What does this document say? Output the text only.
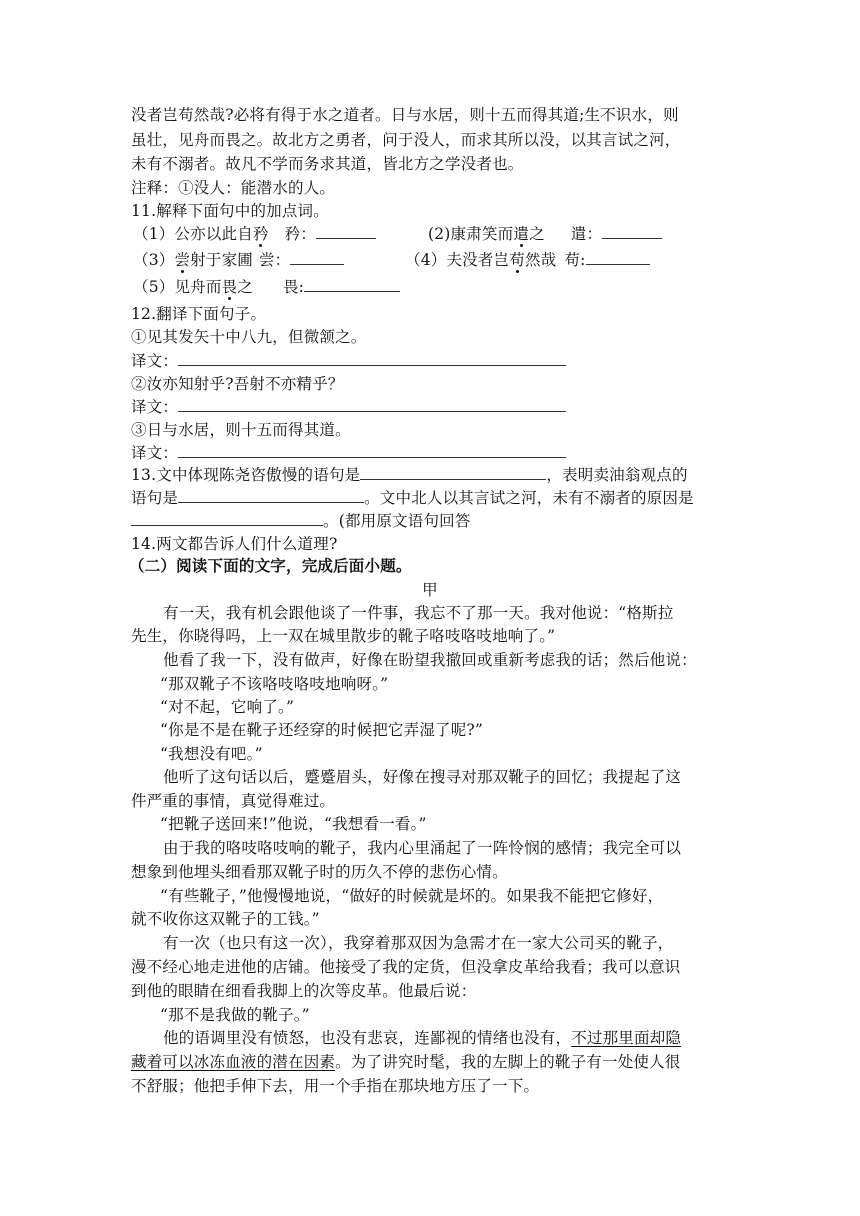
没者岂苟然哉?必将有得于水之道者。日与水居，则十五而得其道;生不识水，则
虽壮，见舟而畏之。故北方之勇者，问于没人，而求其所以没，以其言试之河，
未有不溺者。故凡不学而务求其道，皆北方之学没者也。
注释：①没人：能潜水的人。
11.解释下面句中的加点词。
（1）公亦以此自矜 矜：	(2)康肃笑而遣之 遣：
（3）尝射于家圃 尝：	（4）夫没者岂苟然哉 苟:
（5）见舟而畏之 畏:
12.翻译下面句子。
①见其发矢十中八九，但微颔之。
译文：
②汝亦知射乎?吾射不亦精乎？
译文：
③日与水居，则十五而得其道。
译文：
13.文中体现陈尧咨傲慢的语句是	，表明卖油翁观点的
语句是	。文中北人以其言试之河，未有不溺者的原因是
。(都用原文语句回答
14.两文都告诉人们什么道理?
（二）阅读下面的文字，完成后面小题。
甲
有一天，我有机会跟他谈了一件事，我忘不了那一天。我对他说：“格斯拉
先生，你晓得吗，上一双在城里散步的靴子咯吱咯吱地响了。”
他看了我一下，没有做声，好像在盼望我撤回或重新考虑我的话；然后他说：
“那双靴子不该咯吱咯吱地响呀。”
“对不起，它响了。”
“你是不是在靴子还经穿的时候把它弄湿了呢?”
“我想没有吧。”
他听了这句话以后，蹙蹙眉头，好像在搜寻对那双靴子的回忆；我提起了这
件严重的事情，真觉得难过。
“把靴子送回来!”他说，“我想看一看。”
由于我的咯吱咯吱响的靴子，我内心里涌起了一阵怜悯的感情；我完全可以
想象到他埋头细看那双靴子时的历久不停的悲伤心情。
“有些靴子，”他慢慢地说，“做好的时候就是坏的。如果我不能把它修好，
就不收你这双靴子的工钱。”
有一次（也只有这一次），我穿着那双因为急需才在一家大公司买的靴子，
漫不经心地走进他的店铺。他接受了我的定货，但没拿皮革给我看；我可以意识
到他的眼睛在细看我脚上的次等皮革。他最后说：
“那不是我做的靴子。”
他的语调里没有愤怒，也没有悲哀，连鄙视的情绪也没有，不过那里面却隐
藏着可以冰冻血液的潜在因素。为了讲究时髦，我的左脚上的靴子有一处使人很
不舒服；他把手伸下去，用一个手指在那块地方压了一下。
